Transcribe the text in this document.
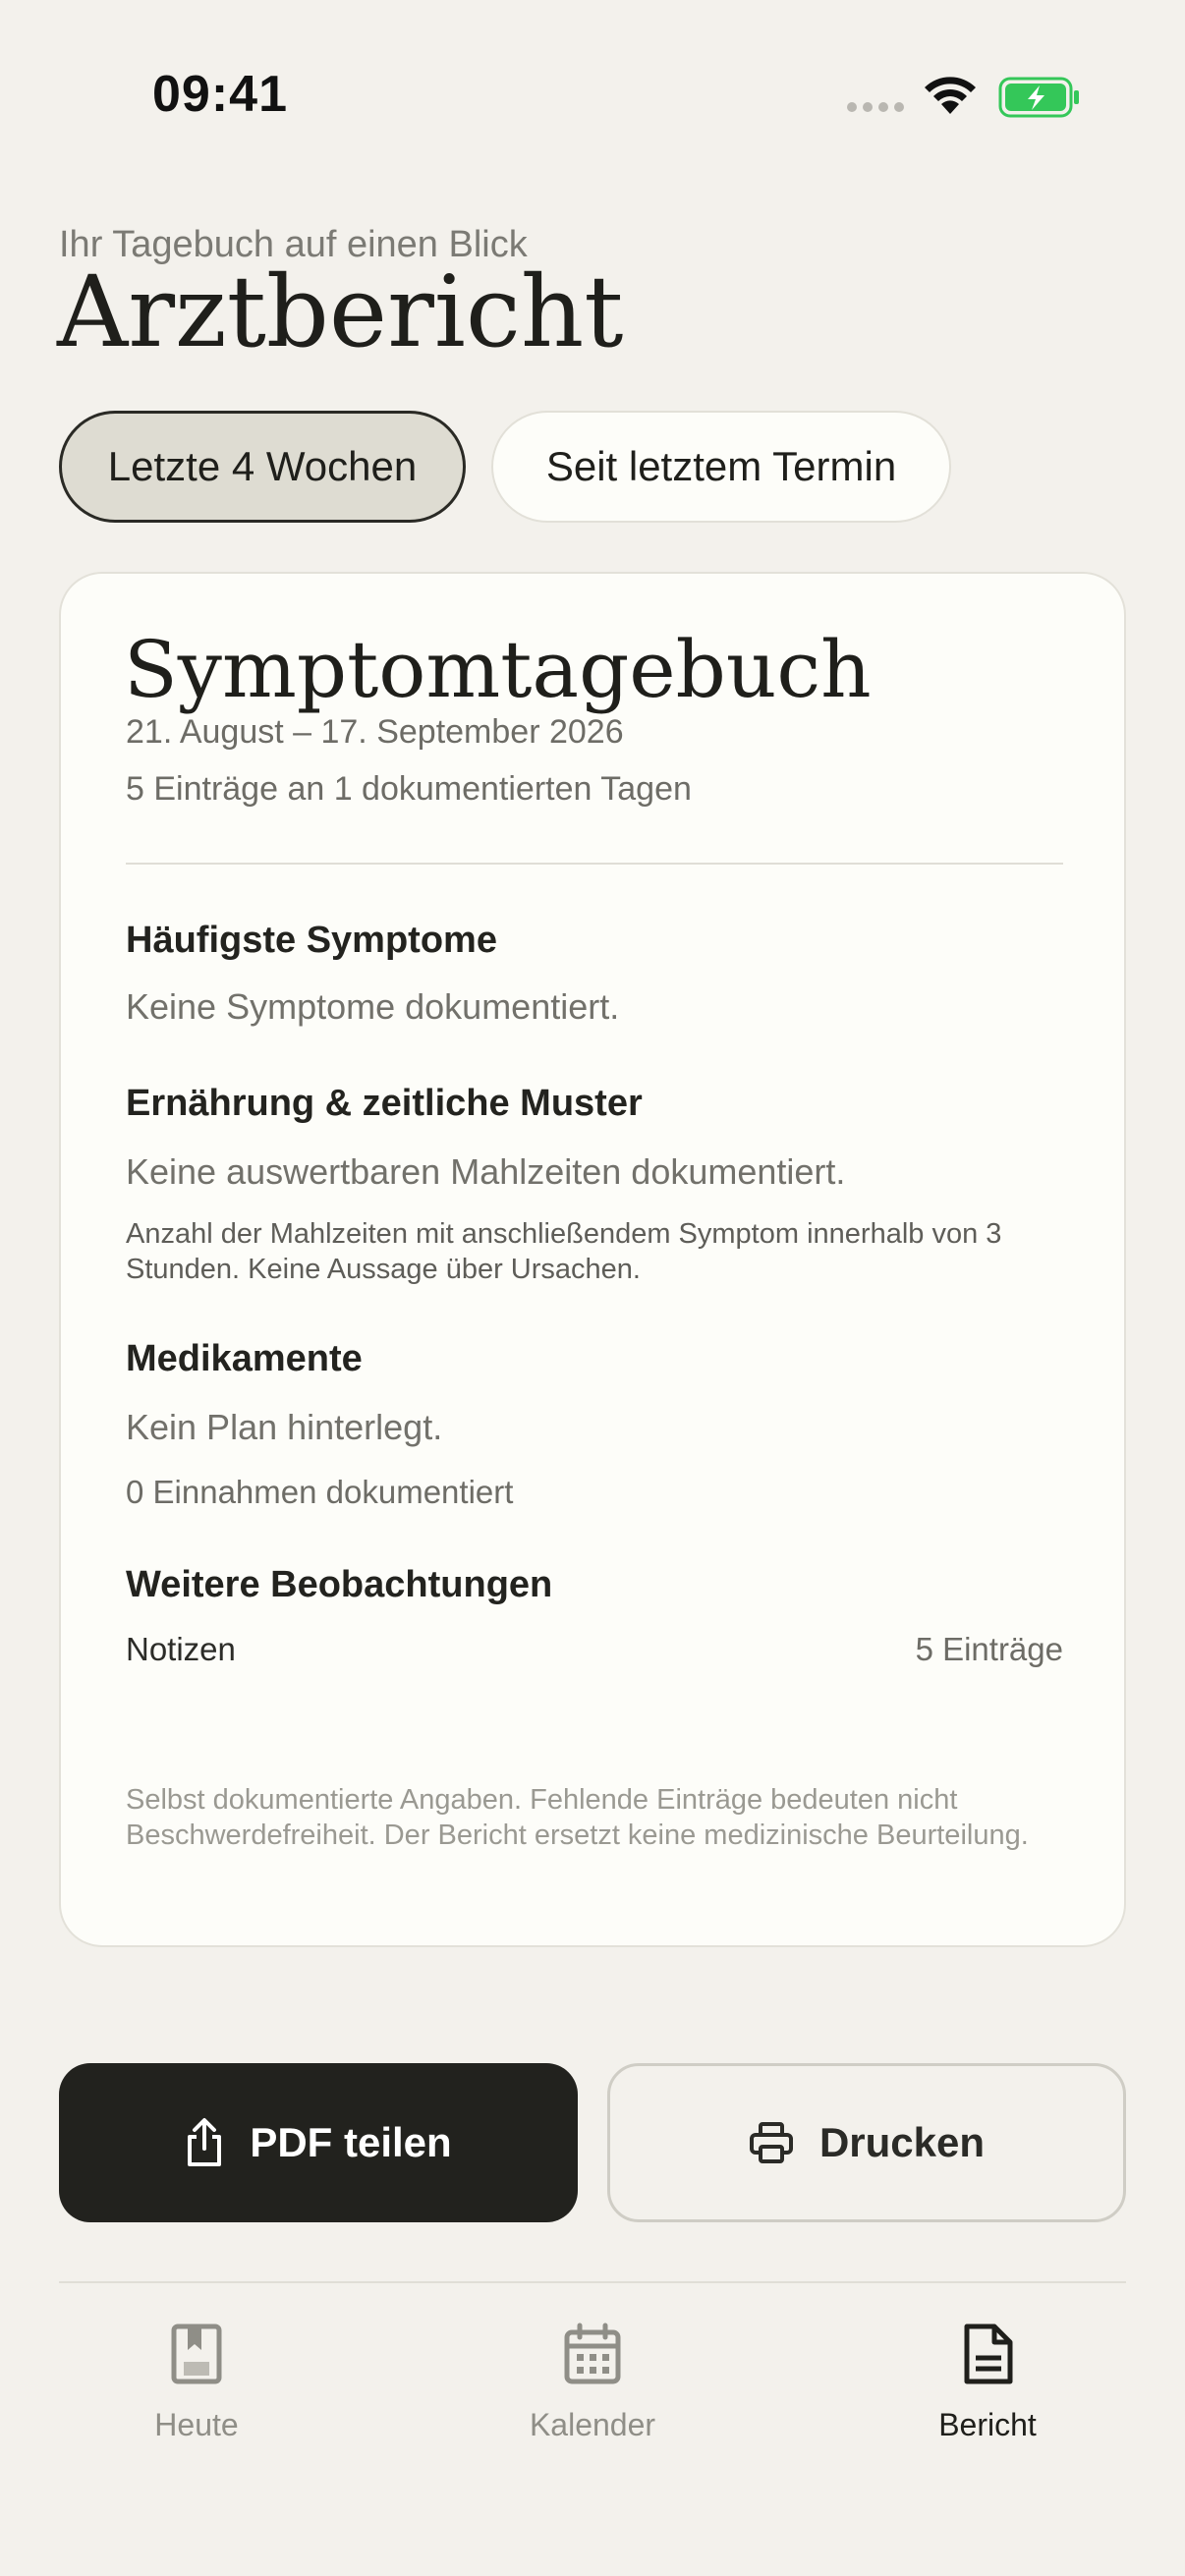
09:41
Ihr Tagebuch auf einen Blick
Arztbericht
Letzte 4 Wochen	Seit letztem Termin
Symptomtagebuch
21. August – 17. September 2026
5 Einträge an 1 dokumentierten Tagen
Häufigste Symptome
Keine Symptome dokumentiert.
Ernährung & zeitliche Muster
Keine auswertbaren Mahlzeiten dokumentiert.
Anzahl der Mahlzeiten mit anschließendem Symptom innerhalb von 3 Stunden. Keine Aussage über Ursachen.
Medikamente
Kein Plan hinterlegt.
0 Einnahmen dokumentiert
Weitere Beobachtungen
Notizen	5 Einträge
Selbst dokumentierte Angaben. Fehlende Einträge bedeuten nicht Beschwerdefreiheit. Der Bericht ersetzt keine medizinische Beurteilung.
PDF teilen	Drucken
Heute	Kalender	Bericht
